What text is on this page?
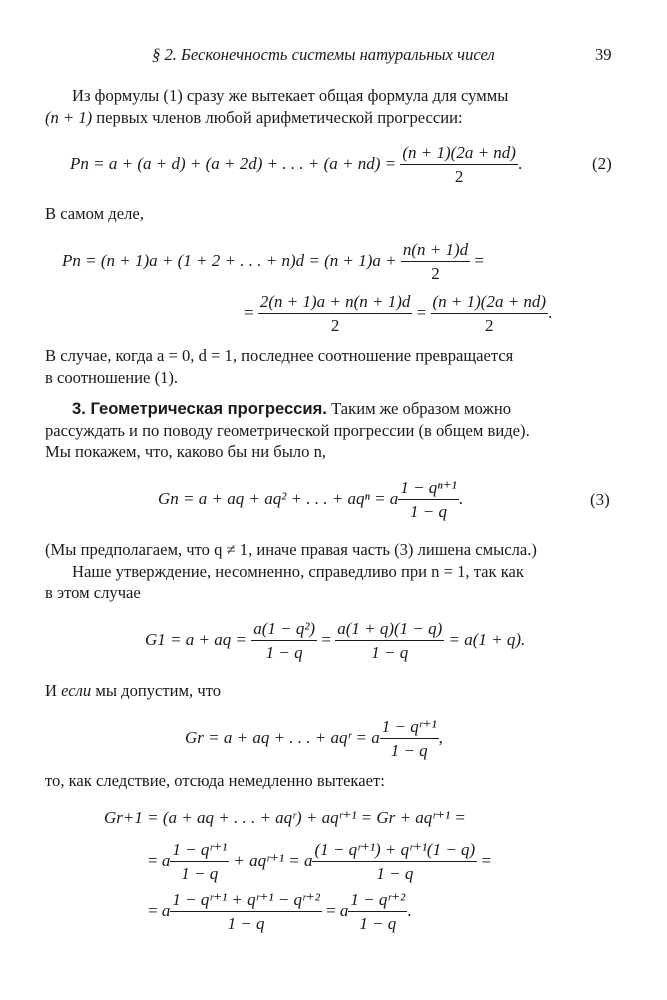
§ 2. Бесконечность системы натуральных чисел	39
Из формулы (1) сразу же вытекает общая формула для суммы
(n + 1) первых членов любой арифметической прогрессии:
Pn = a + (a + d) + (a + 2d) + . . . + $(a + nd) = \frac{(n + 1)(2a + nd)}{2}$ .	(2)
В самом деле,
Pn = (n + 1)a + (1 + 2 + . . . + $n)d = (n + 1)a + \frac{n(n + 1)d}{2}$ =
= $\frac{2(n + 1)a + n(n + 1)d}{2} = \frac{(n + 1)(2a + nd)}{2}$ .
В случае, когда a = 0, d = 1, последнее соотношение превращается
в соотношение (1).
3. Геометрическая прогрессия. Таким же образом можно
рассуждать и по поводу геометрической прогрессии (в общем виде).
Мы покажем, что, каково бы ни было n,
Gn = a + aq + aq² + . . . + aqⁿ = a $\frac{\text{1 − qⁿ⁺¹}}{1 - q}$ .	(3)
(Мы предполагаем, что q ≠ 1, иначе правая часть (3) лишена смысла.)
Наше утверждение, несомненно, справедливо при n = 1, так как
в этом случае
G1 = a + aq = $\frac{\text{a(1 − q²)}}{1 - q} = \frac{a(1 + q)(1 - q)}{1 - q} = a(1 + q)$.
И если мы допустим, что
Gr = a + aq + . . . + aqʳ = a $\frac{\text{1 − qʳ⁺¹}}{1 - q}$ ,
то, как следствие, отсюда немедленно вытекает:
Gr+1 = (a + aq + . . . + aqʳ) + aqʳ⁺¹ = Gr + aqʳ⁺¹ =
= a $\frac{\text{1 − qʳ⁺¹}}{1 - q}$ + aqʳ⁺¹ = a $\frac{\text{(1 − qʳ⁺¹) + qʳ⁺¹(1 − q)}}{1 - q}$ =
= a $\frac{\text{1 − qʳ⁺¹ + qʳ⁺¹ − qʳ⁺²}}{1 - q} = a \frac{\text{1 − qʳ⁺²}}{1 - q}$ .
